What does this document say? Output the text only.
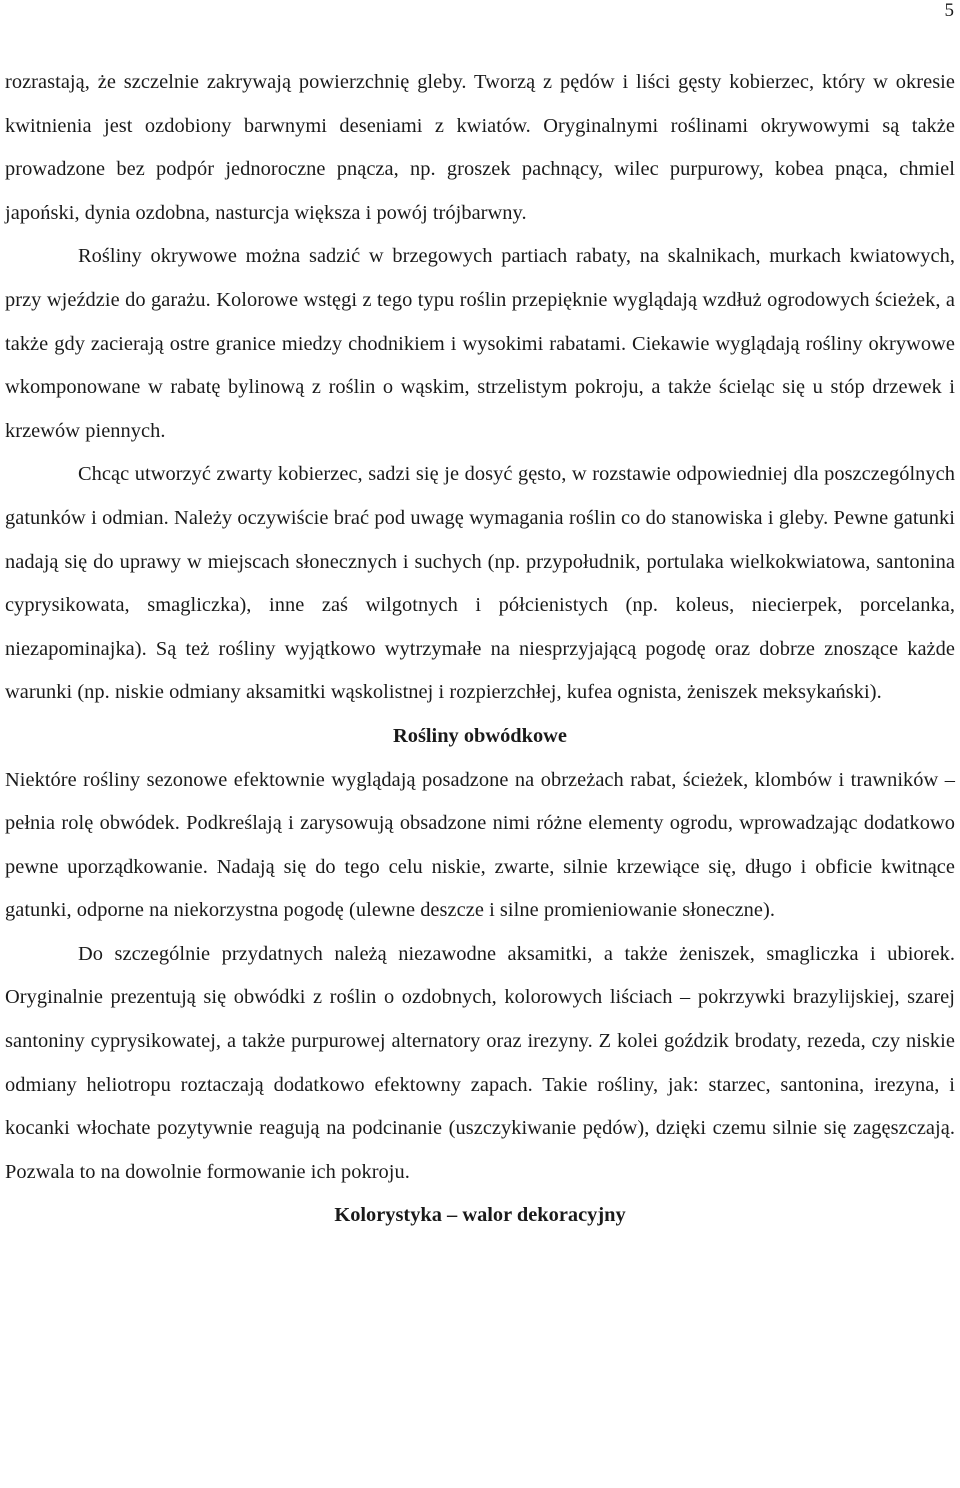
5

rozrastają, że szczelnie zakrywają powierzchnię gleby. Tworzą z pędów i liści gęsty kobierzec, który w okresie kwitnienia jest ozdobiony barwnymi deseniami z kwiatów. Oryginalnymi roślinami okrywowymi są także prowadzone bez podpór jednoroczne pnącza, np. groszek pachnący, wilec purpurowy, kobea pnąca, chmiel japoński, dynia ozdobna, nasturcja większa i powój trójbarwny.

Rośliny okrywowe można sadzić w brzegowych partiach rabaty, na skalnikach, murkach kwiatowych, przy wjeździe do garażu. Kolorowe wstęgi z tego typu roślin przepięknie wyglądają wzdłuż ogrodowych ścieżek, a także gdy zacierają ostre granice miedzy chodnikiem i wysokimi rabatami. Ciekawie wyglądają rośliny okrywowe wkomponowane w rabatę bylinową z roślin o wąskim, strzelistym pokroju, a także ścieląc się u stóp drzewek i krzewów piennych.

Chcąc utworzyć zwarty kobierzec, sadzi się je dosyć gęsto, w rozstawie odpowiedniej dla poszczególnych gatunków i odmian. Należy oczywiście brać pod uwagę wymagania roślin co do stanowiska i gleby. Pewne gatunki nadają się do uprawy w miejscach słonecznych i suchych (np. przypołudnik, portulaka wielkokwiatowa, santonina cyprysikowata, smagliczka), inne zaś wilgotnych i półcienistych (np. koleus, niecierpek, porcelanka, niezapominajka). Są też rośliny wyjątkowo wytrzymałe na niesprzyjającą pogodę oraz dobrze znoszące każde warunki (np. niskie odmiany aksamitki wąskolistnej i rozpierzchłej, kufea ognista, żeniszek meksykański).

Rośliny obwódkowe

Niektóre rośliny sezonowe efektownie wyglądają posadzone na obrzeżach rabat, ścieżek, klombów i trawników – pełnia rolę obwódek. Podkreślają i zarysowują obsadzone nimi różne elementy ogrodu, wprowadzając dodatkowo pewne uporządkowanie. Nadają się do tego celu niskie, zwarte, silnie krzewiące się, długo i obficie kwitnące gatunki, odporne na niekorzystna pogodę (ulewne deszcze i silne promieniowanie słoneczne).

Do szczególnie przydatnych należą niezawodne aksamitki, a także żeniszek, smagliczka i ubiorek. Oryginalnie prezentują się obwódki z roślin o ozdobnych, kolorowych liściach – pokrzywki brazylijskiej, szarej santoniny cyprysikowatej, a także purpurowej alternatory oraz irezyny. Z kolei goździk brodaty, rezeda, czy niskie odmiany heliotropu roztaczają dodatkowo efektowny zapach. Takie rośliny, jak: starzec, santonina, irezyna, i kocanki włochate pozytywnie reagują na podcinanie (uszczykiwanie pędów), dzięki czemu silnie się zagęszczają. Pozwala to na dowolnie formowanie ich pokroju.

Kolorystyka – walor dekoracyjny
